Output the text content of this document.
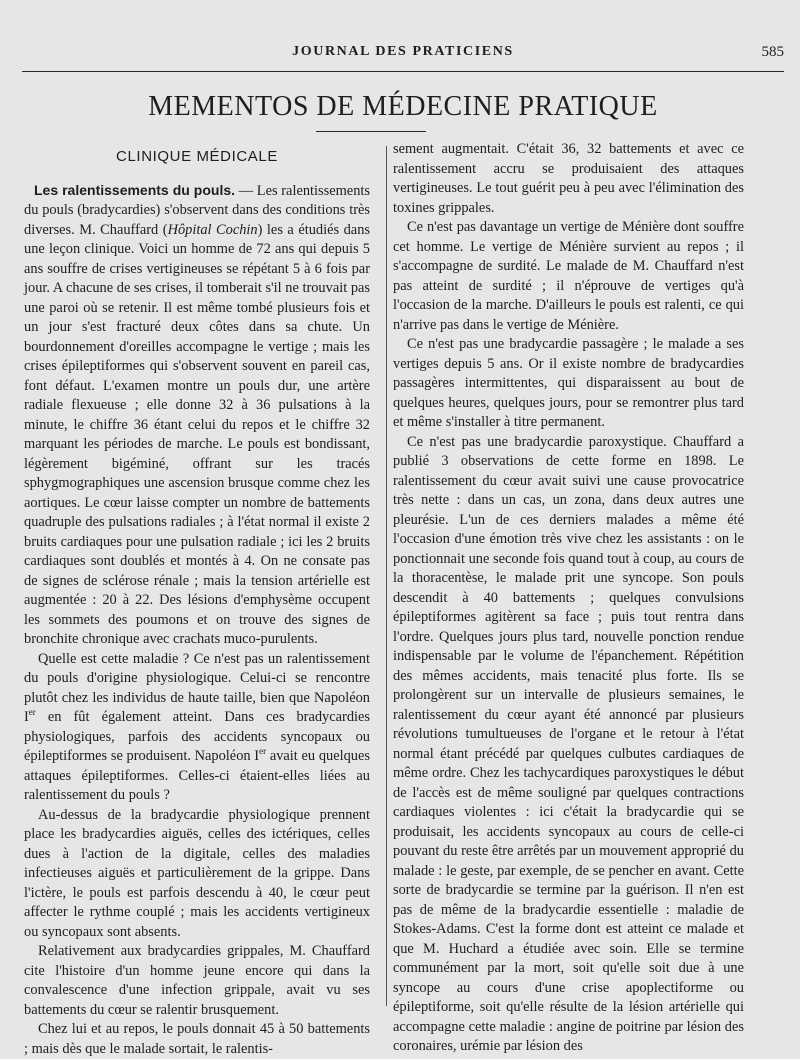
JOURNAL DES PRATICIENS	585
MEMENTOS DE MÉDECINE PRATIQUE
CLINIQUE MÉDICALE

Les ralentissements du pouls. — Les ralentissements du pouls (bradycardies) s'observent dans des conditions très diverses. M. Chauffard (Hôpital Cochin) les a étudiés dans une leçon clinique. Voici un homme de 72 ans qui depuis 5 ans souffre de crises vertigineuses se répétant 5 à 6 fois par jour. A chacune de ses crises, il tomberait s'il ne trouvait pas une paroi où se retenir. Il est même tombé plusieurs fois et un jour s'est fracturé deux côtes dans sa chute. Un bourdonnement d'oreilles accompagne le vertige ; mais les crises épileptiformes qui s'observent souvent en pareil cas, font défaut. L'examen montre un pouls dur, une artère radiale flexueuse ; elle donne 32 à 36 pulsations à la minute, le chiffre 36 étant celui du repos et le chiffre 32 marquant les périodes de marche. Le pouls est bondissant, légèrement bigéminé, offrant sur les tracés sphygmographiques une ascension brusque comme chez les aortiques. Le cœur laisse compter un nombre de battements quadruple des pulsations radiales ; à l'état normal il existe 2 bruits cardiaques pour une pulsation radiale ; ici les 2 bruits cardiaques sont doublés et montés à 4. On ne consate pas de signes de sclérose rénale ; mais la tension artérielle est augmentée : 20 à 22. Des lésions d'emphysème occupent les sommets des poumons et on trouve des signes de bronchite chronique avec crachats muco-purulents.

Quelle est cette maladie ? Ce n'est pas un ralentissement du pouls d'origine physiologique. Celui-ci se rencontre plutôt chez les individus de haute taille, bien que Napoléon Ier en fût également atteint. Dans ces bradycardies physiologiques, parfois des accidents syncopaux ou épileptiformes se produisent. Napoléon Ier avait eu quelques attaques épileptiformes. Celles-ci étaient-elles liées au ralentissement du pouls ?

Au-dessus de la bradycardie physiologique prennent place les bradycardies aiguës, celles des ictériques, celles dues à l'action de la digitale, celles des maladies infectieuses aiguës et particulièrement de la grippe. Dans l'ictère, le pouls est parfois descendu à 40, le cœur peut affecter le rythme couplé ; mais les accidents vertigineux ou syncopaux sont absents.

Relativement aux bradycardies grippales, M. Chauffard cite l'histoire d'un homme jeune encore qui dans la convalescence d'une infection grippale, avait vu ses battements du cœur se ralentir brusquement.

Chez lui et au repos, le pouls donnait 45 à 50 battements ; mais dès que le malade sortait, le ralentis-

sement augmentait. C'était 36, 32 battements et avec ce ralentissement accru se produisaient des attaques vertigineuses. Le tout guérit peu à peu avec l'élimination des toxines grippales.

Ce n'est pas davantage un vertige de Ménière dont souffre cet homme. Le vertige de Ménière survient au repos ; il s'accompagne de surdité. Le malade de M. Chauffard n'est pas atteint de surdité ; il n'éprouve de vertiges qu'à l'occasion de la marche. D'ailleurs le pouls est ralenti, ce qui n'arrive pas dans le vertige de Ménière.

Ce n'est pas une bradycardie passagère ; le malade a ses vertiges depuis 5 ans. Or il existe nombre de bradycardies passagères intermittentes, qui disparaissent au bout de quelques heures, quelques jours, pour se remontrer plus tard et même s'installer à titre permanent.

Ce n'est pas une bradycardie paroxystique. Chauffard a publié 3 observations de cette forme en 1898. Le ralentissement du cœur avait suivi une cause provocatrice très nette : dans un cas, un zona, dans deux autres une pleurésie. L'un de ces derniers malades a même été l'occasion d'une émotion très vive chez les assistants : on le ponctionnait une seconde fois quand tout à coup, au cours de la thoracentèse, le malade prit une syncope. Son pouls descendit à 40 battements ; quelques convulsions épileptiformes agitèrent sa face ; puis tout rentra dans l'ordre. Quelques jours plus tard, nouvelle ponction rendue indispensable par le volume de l'épanchement. Répétition des mêmes accidents, mais tenacité plus forte. Ils se prolongèrent sur un intervalle de plusieurs semaines, le ralentissement du cœur ayant été annoncé par plusieurs révolutions tumultueuses de l'organe et le retour à l'état normal étant précédé par quelques culbutes cardiaques de même ordre. Chez les tachycardiques paroxystiques le début de l'accès est de même souligné par quelques contractions cardiaques violentes : ici c'était la bradycardie qui se produisait, les accidents syncopaux au cours de celle-ci pouvant du reste être arrêtés par un mouvement approprié du malade : le geste, par exemple, de se pencher en avant. Cette sorte de bradycardie se termine par la guérison. Il n'en est pas de même de la bradycardie essentielle : maladie de Stokes-Adams. C'est la forme dont est atteint ce malade et que M. Huchard a étudiée avec soin. Elle se termine communément par la mort, soit qu'elle soit due à une syncope au cours d'une crise apoplectiforme ou épileptiforme, soit qu'elle résulte de la lésion artérielle qui accompagne cette maladie : angine de poitrine par lésion des coronaires, urémie par lésion des
